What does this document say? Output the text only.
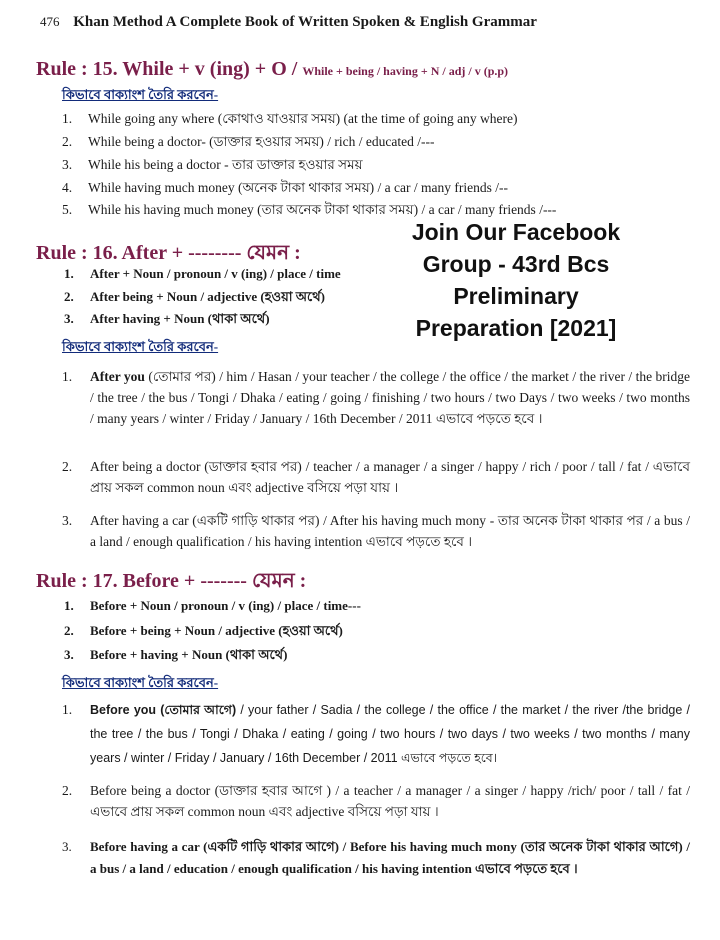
476 Khan Method A Complete Book of Written Spoken & English Grammar
Rule : 15. While + v (ing) + O / While + being / having + N / adj / v (p.p)
কিভাবে বাক্যাংশ তৈরি করবেন-
1. While going any where (কোথাও যাওয়ার সময়) (at the time of going any where)
2. While being a doctor- (ডাক্তার হওয়ার সময়) / rich / educated /---
3. While his being a doctor - তার ডাক্তার হওয়ার সময়
4. While having much money (অনেক টাকা থাকার সময়) / a car / many friends /--
5. While his having much money (তার অনেক টাকা থাকার সময়) / a car / many friends /---
Rule : 16. After + -------- যেমন :
1. After + Noun / pronoun / v (ing) / place / time
2. After being + Noun / adjective (হওয়া অর্থে)
3. After having + Noun (থাকা অর্থে)
Join Our Facebook
Group - 43rd Bcs
Preliminary
Preparation [2021]
কিভাবে বাক্যাংশ তৈরি করবেন-
1. After you (তোমার পর) / him / Hasan / your teacher / the college / the office / the market / the river / the bridge / the tree / the bus / Tongi / Dhaka / eating / going / finishing / two hours / two Days / two weeks / two months / many years / winter / Friday / January / 16th December / 2011 এভাবে পড়তে হবে ।
2. After being a doctor (ডাক্তার হবার পর) / teacher / a manager / a singer / happy / rich / poor / tall / fat / এভাবে প্রায় সকল common noun এবং adjective বসিয়ে পড়া যায় ।
3. After having a car (একটি গাড়ি থাকার পর) / After his having much mony - তার অনেক টাকা থাকার পর / a bus / a land / enough qualification / his having intention এভাবে পড়তে হবে ।
Rule : 17. Before + ------- যেমন :
1. Before + Noun / pronoun / v (ing) / place / time---
2. Before + being + Noun / adjective (হওয়া অর্থে)
3. Before + having + Noun (থাকা অর্থে)
কিভাবে বাক্যাংশ তৈরি করবেন-
1. Before you (তোমার আগে) / your father / Sadia / the college / the office / the market / the river /the bridge / the tree / the bus / Tongi / Dhaka / eating / going / two hours / two days / two weeks / two months / many years / winter / Friday / January / 16th December / 2011 এভাবে পড়তে হবে।
2. Before being a doctor (ডাক্তার হবার আগে ) / a teacher / a manager / a singer / happy /rich/ poor / tall / fat / এভাবে প্রায় সকল common noun এবং adjective বসিয়ে পড়া যায় ।
3. Before having a car (একটি গাড়ি থাকার আগে) / Before his having much mony (তার অনেক টাকা থাকার আগে) / a bus / a land / education / enough qualification / his having intention এভাবে পড়তে হবে ।
